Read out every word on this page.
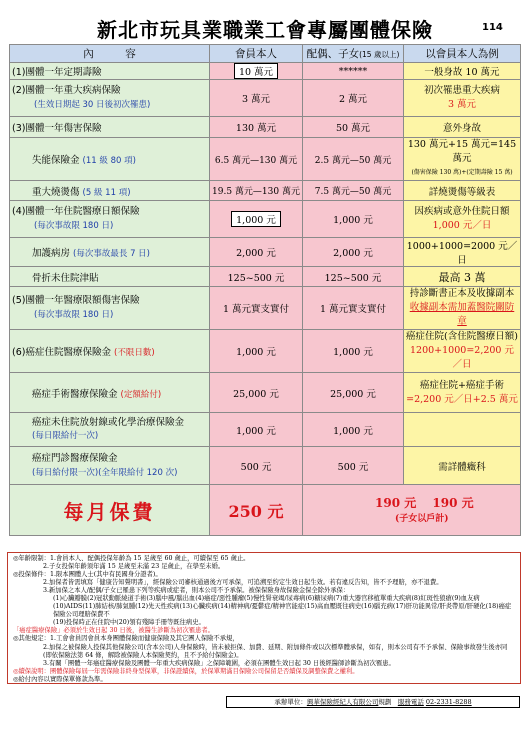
新北市玩具業職業工會專屬團體保險	114
內　　　容	會員本人	配偶、子女(15 歲以上)	以會員本人為例
(1)團體一年定期壽險	10 萬元	******	一般身故 10 萬元

(2)團體一年重大疾病保險
(生效日期起 30 日後初次罹患)	3 萬元	2 萬元	初次罹患重大疾病
3 萬元

(3)團體一年傷害保險	130 萬元	50 萬元	意外身故
失能保險金 (11 級 80 項)	6.5 萬元—130 萬元	2.5 萬元—50 萬元	130 萬元+15 萬元=145 萬元
(傷害保險 130 萬)+(定期壽險 15 萬)

重大燒燙傷 (5 級 11 項)	19.5 萬元—130 萬元	7.5 萬元—50 萬元	詳燒燙傷等級表

(4)團體一年住院醫療日額保險
(每次事故限 180 日)	1,000 元	1,000 元	因疾病或意外住院日額
1,000 元／日

加護病房 (每次事故最長 7 日)	2,000 元	2,000 元	1000+1000=2000 元／日
骨折未住院津貼	125~500 元	125~500 元	最高 3 萬

(5)團體一年醫療限額傷害保險
(每次事故限 180 日)	1 萬元實支實付	1 萬元實支實付	持診斷書正本及收據副本
收據副本需加蓋醫院關防章

(6)癌症住院醫療保險金 (不限日數)	1,000 元	1,000 元	癌症住院(含住院醫療日額)
1200+1000=2,200 元／日

癌症手術醫療保險金 (定額給付)	25,000 元	25,000 元	癌症住院+癌症手術
=2,200 元／日+2.5 萬元

癌症未住院放射線或化學治療保險金
(每日限給付一次)	1,000 元	1,000 元	

癌症門診醫療保險金
(每日給付限一次)(全年限給付 120 次)	500 元	500 元	需詳體癥科
每月保費	250 元	190 元　 190 元
(子女以戶計)	

◎年齡限制：1.會員本人、配偶投保年齡為 15 足歲至 60 歲止，可續保至 65 歲止。

2.子女投保年齡須年滿 15 足歲至未滿 23 足歲止，在學至未婚。

◎投保條件：1.限本團體人士(其中有民國身分證者)。

2.加保者皆需填寫「健康告知聲明書」，經保險公司審核通過後方可承保，可追溯至約定生效日起生效。若有違反告知，皆不予理賠，亦不退費。

3.新加保之本人/配偶/子女已罹患下列等疾病或症者，則本公司不予承保。被保保險身故保險金保全除外承保：

(1)心臟瓣膜(2)冠狀動脈繞道手術(3)腦中風/腦出血(4)癌症/惡性腫瘤(5)慢性腎衰竭/尿毒病(6)糖尿病(7)重大器官移植單重大疾病(8)紅斑性狼瘡(9)血友病(10)AIDS(11)肺結核/肺氣腫(12)先天性疾病(13)心臟疾病(14)精神病/憂鬱症/精神官能症(15)高血壓既往病史(16)腦充病(17)肝功能異常/肝炎帶原/肝硬化(18)癌症保險公司理賠保費不

(19)投保時正在住院中(20)領有殘障手冊等既往病史。

「癌症醫療保險」必須於生效日起 30 日後，被醫生診斷為初次罹患者。

◎其他規定：1.工會會員因會員本身團體保險而健康保險及其它團人保險不承規，

2.加保之被保險人投保其他保險公司(含本公司)人身保險時，皆未被拒保、加費、延期、附加條件或以次標準體承保，如有，則本公司有不予承保、保險事故發生後亦同(即依保險法第 64 條，解除被保險人本保險契約，且不予給付保險金)。

3.有關「團體一年癌症醫療保險及團體一年重大疾病保險」之保障範圍，必須在團體生效日起 30 日後經醫師診斷為初次罹患。

◎續保說明：團體保險每屆一年需保險非終身型保單，非保證續保，於保單期滿目保險公司保留是否續保及調整保費之權利。

◎給付內容以實際保單條款為準。

承辦單位：興華保險經紀人有限公司規劃　 服務電話 02-2331-8288
